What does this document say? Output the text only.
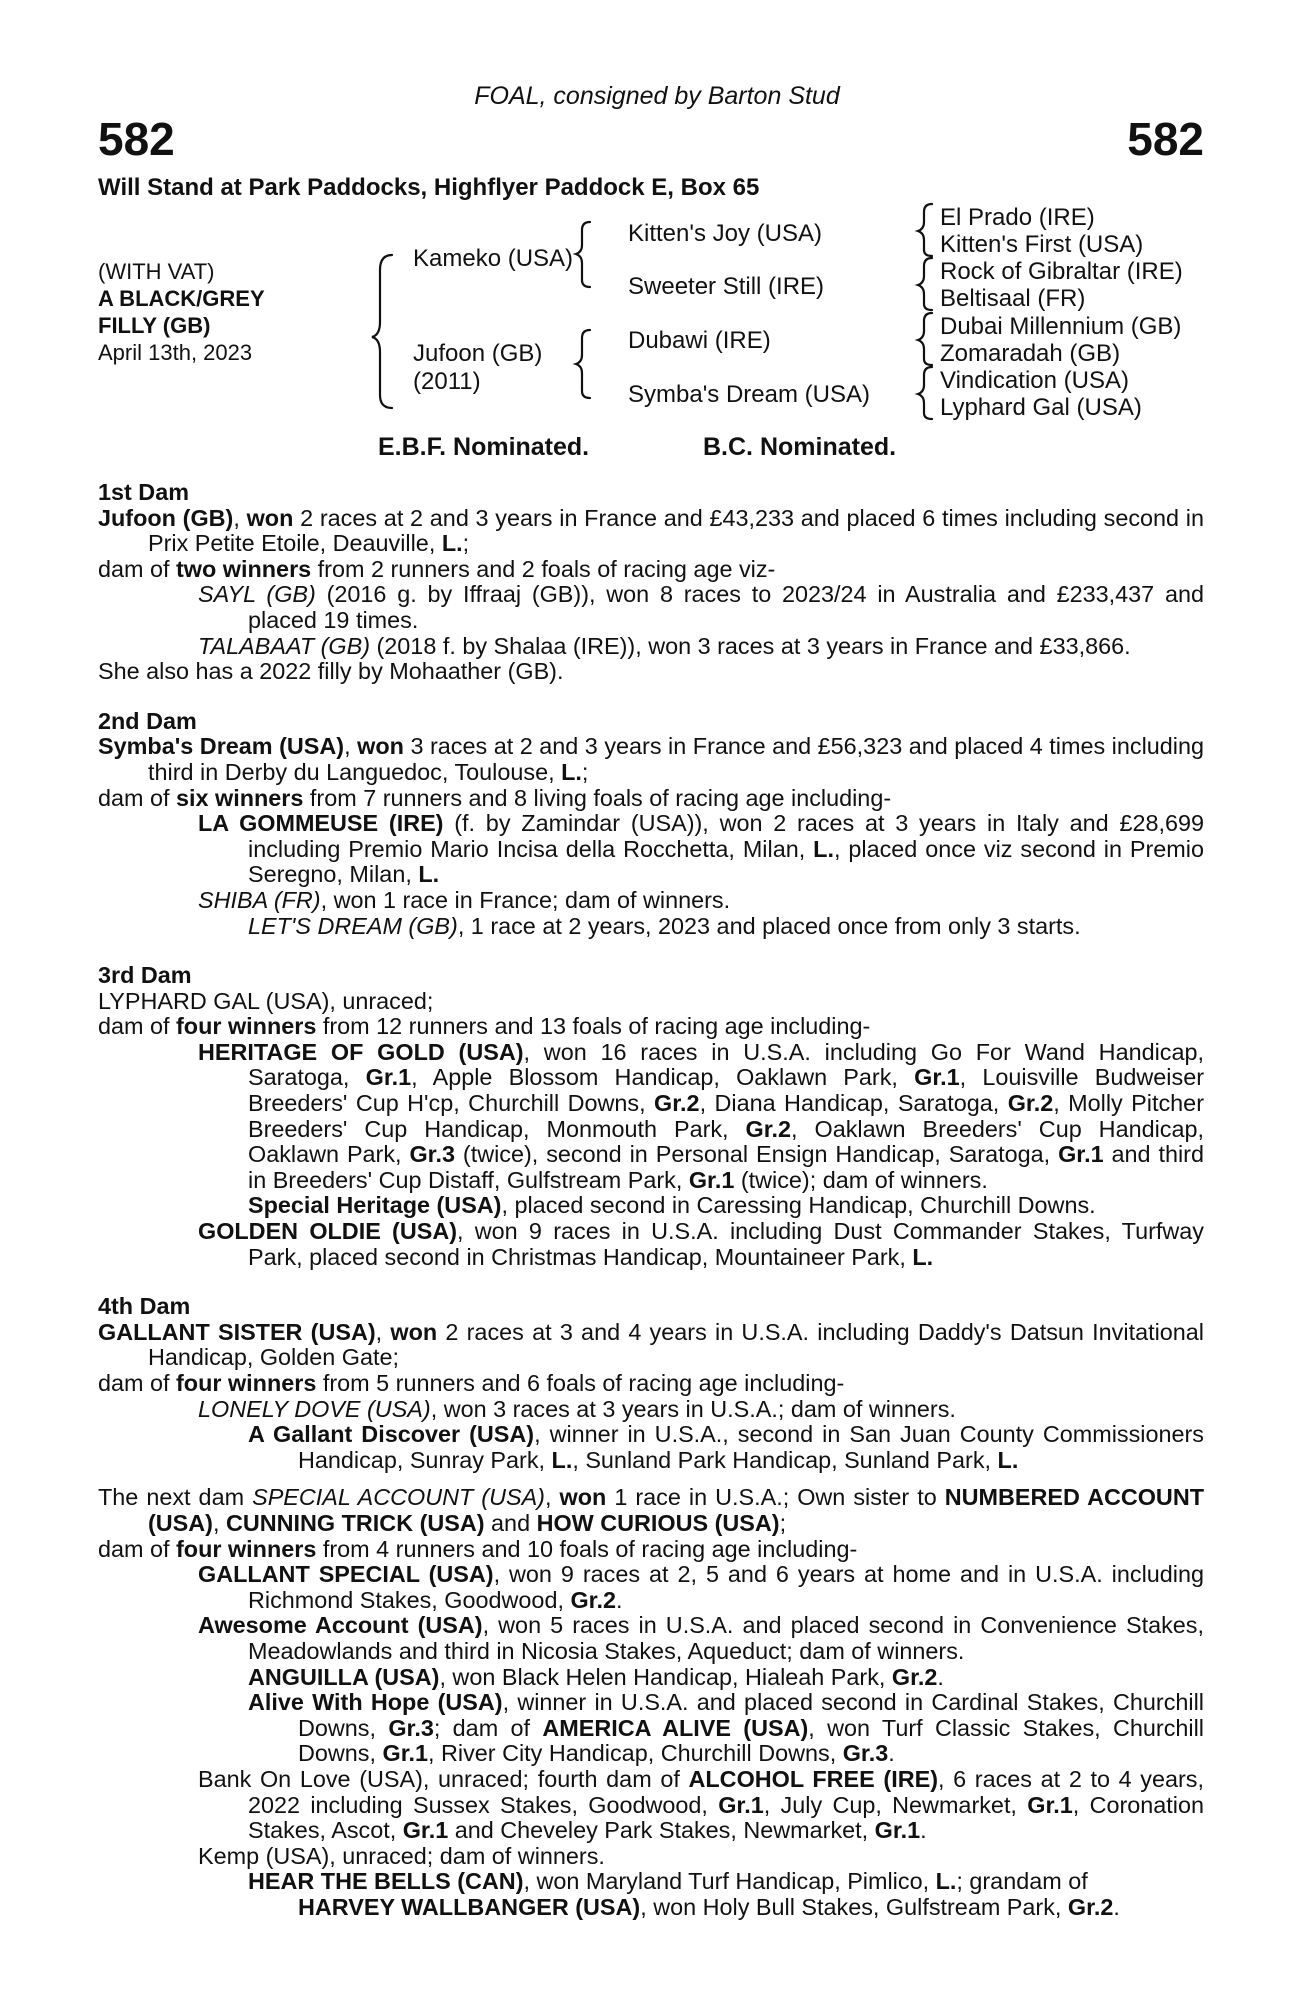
FOAL, consigned by Barton Stud
582	582
Will Stand at Park Paddocks, Highflyer Paddock E, Box 65
(WITH VAT)
A BLACK/GREY
FILLY (GB)
April 13th, 2023
Kameko (USA)
Jufoon (GB)
(2011)
Kitten's Joy (USA)
Sweeter Still (IRE)
Dubawi (IRE)
Symba's Dream (USA)
El Prado (IRE)
Kitten's First (USA)
Rock of Gibraltar (IRE)
Beltisaal (FR)
Dubai Millennium (GB)
Zomaradah (GB)
Vindication (USA)
Lyphard Gal (USA)
E.B.F. Nominated.	B.C. Nominated.

1st Dam

Jufoon (GB), won 2 races at 2 and 3 years in France and £43,233 and placed 6 times including second in Prix Petite Etoile, Deauville, L.;

dam of two winners from 2 runners and 2 foals of racing age viz-

SAYL (GB) (2016 g. by Iffraaj (GB)), won 8 races to 2023/24 in Australia and £233,437 and placed 19 times.

TALABAAT (GB) (2018 f. by Shalaa (IRE)), won 3 races at 3 years in France and £33,866.

She also has a 2022 filly by Mohaather (GB).

2nd Dam

Symba's Dream (USA), won 3 races at 2 and 3 years in France and £56,323 and placed 4 times including third in Derby du Languedoc, Toulouse, L.;

dam of six winners from 7 runners and 8 living foals of racing age including-

LA GOMMEUSE (IRE) (f. by Zamindar (USA)), won 2 races at 3 years in Italy and £28,699 including Premio Mario Incisa della Rocchetta, Milan, L., placed once viz second in Premio Seregno, Milan, L.

SHIBA (FR), won 1 race in France; dam of winners.

LET'S DREAM (GB), 1 race at 2 years, 2023 and placed once from only 3 starts.

3rd Dam

LYPHARD GAL (USA), unraced;

dam of four winners from 12 runners and 13 foals of racing age including-

HERITAGE OF GOLD (USA), won 16 races in U.S.A. including Go For Wand Handicap, Saratoga, Gr.1, Apple Blossom Handicap, Oaklawn Park, Gr.1, Louisville Budweiser Breeders' Cup H'cp, Churchill Downs, Gr.2, Diana Handicap, Saratoga, Gr.2, Molly Pitcher Breeders' Cup Handicap, Monmouth Park, Gr.2, Oaklawn Breeders' Cup Handicap, Oaklawn Park, Gr.3 (twice), second in Personal Ensign Handicap, Saratoga, Gr.1 and third in Breeders' Cup Distaff, Gulfstream Park, Gr.1 (twice); dam of winners.

Special Heritage (USA), placed second in Caressing Handicap, Churchill Downs.

GOLDEN OLDIE (USA), won 9 races in U.S.A. including Dust Commander Stakes, Turfway Park, placed second in Christmas Handicap, Mountaineer Park, L.

4th Dam

GALLANT SISTER (USA), won 2 races at 3 and 4 years in U.S.A. including Daddy's Datsun Invitational Handicap, Golden Gate;

dam of four winners from 5 runners and 6 foals of racing age including-

LONELY DOVE (USA), won 3 races at 3 years in U.S.A.; dam of winners.

A Gallant Discover (USA), winner in U.S.A., second in San Juan County Commissioners Handicap, Sunray Park, L., Sunland Park Handicap, Sunland Park, L.

The next dam SPECIAL ACCOUNT (USA), won 1 race in U.S.A.; Own sister to NUMBERED ACCOUNT (USA), CUNNING TRICK (USA) and HOW CURIOUS (USA);

dam of four winners from 4 runners and 10 foals of racing age including-

GALLANT SPECIAL (USA), won 9 races at 2, 5 and 6 years at home and in U.S.A. including Richmond Stakes, Goodwood, Gr.2.

Awesome Account (USA), won 5 races in U.S.A. and placed second in Convenience Stakes, Meadowlands and third in Nicosia Stakes, Aqueduct; dam of winners.

ANGUILLA (USA), won Black Helen Handicap, Hialeah Park, Gr.2.

Alive With Hope (USA), winner in U.S.A. and placed second in Cardinal Stakes, Churchill Downs, Gr.3; dam of AMERICA ALIVE (USA), won Turf Classic Stakes, Churchill Downs, Gr.1, River City Handicap, Churchill Downs, Gr.3.

Bank On Love (USA), unraced; fourth dam of ALCOHOL FREE (IRE), 6 races at 2 to 4 years, 2022 including Sussex Stakes, Goodwood, Gr.1, July Cup, Newmarket, Gr.1, Coronation Stakes, Ascot, Gr.1 and Cheveley Park Stakes, Newmarket, Gr.1.

Kemp (USA), unraced; dam of winners.

HEAR THE BELLS (CAN), won Maryland Turf Handicap, Pimlico, L.; grandam of

HARVEY WALLBANGER (USA), won Holy Bull Stakes, Gulfstream Park, Gr.2.
